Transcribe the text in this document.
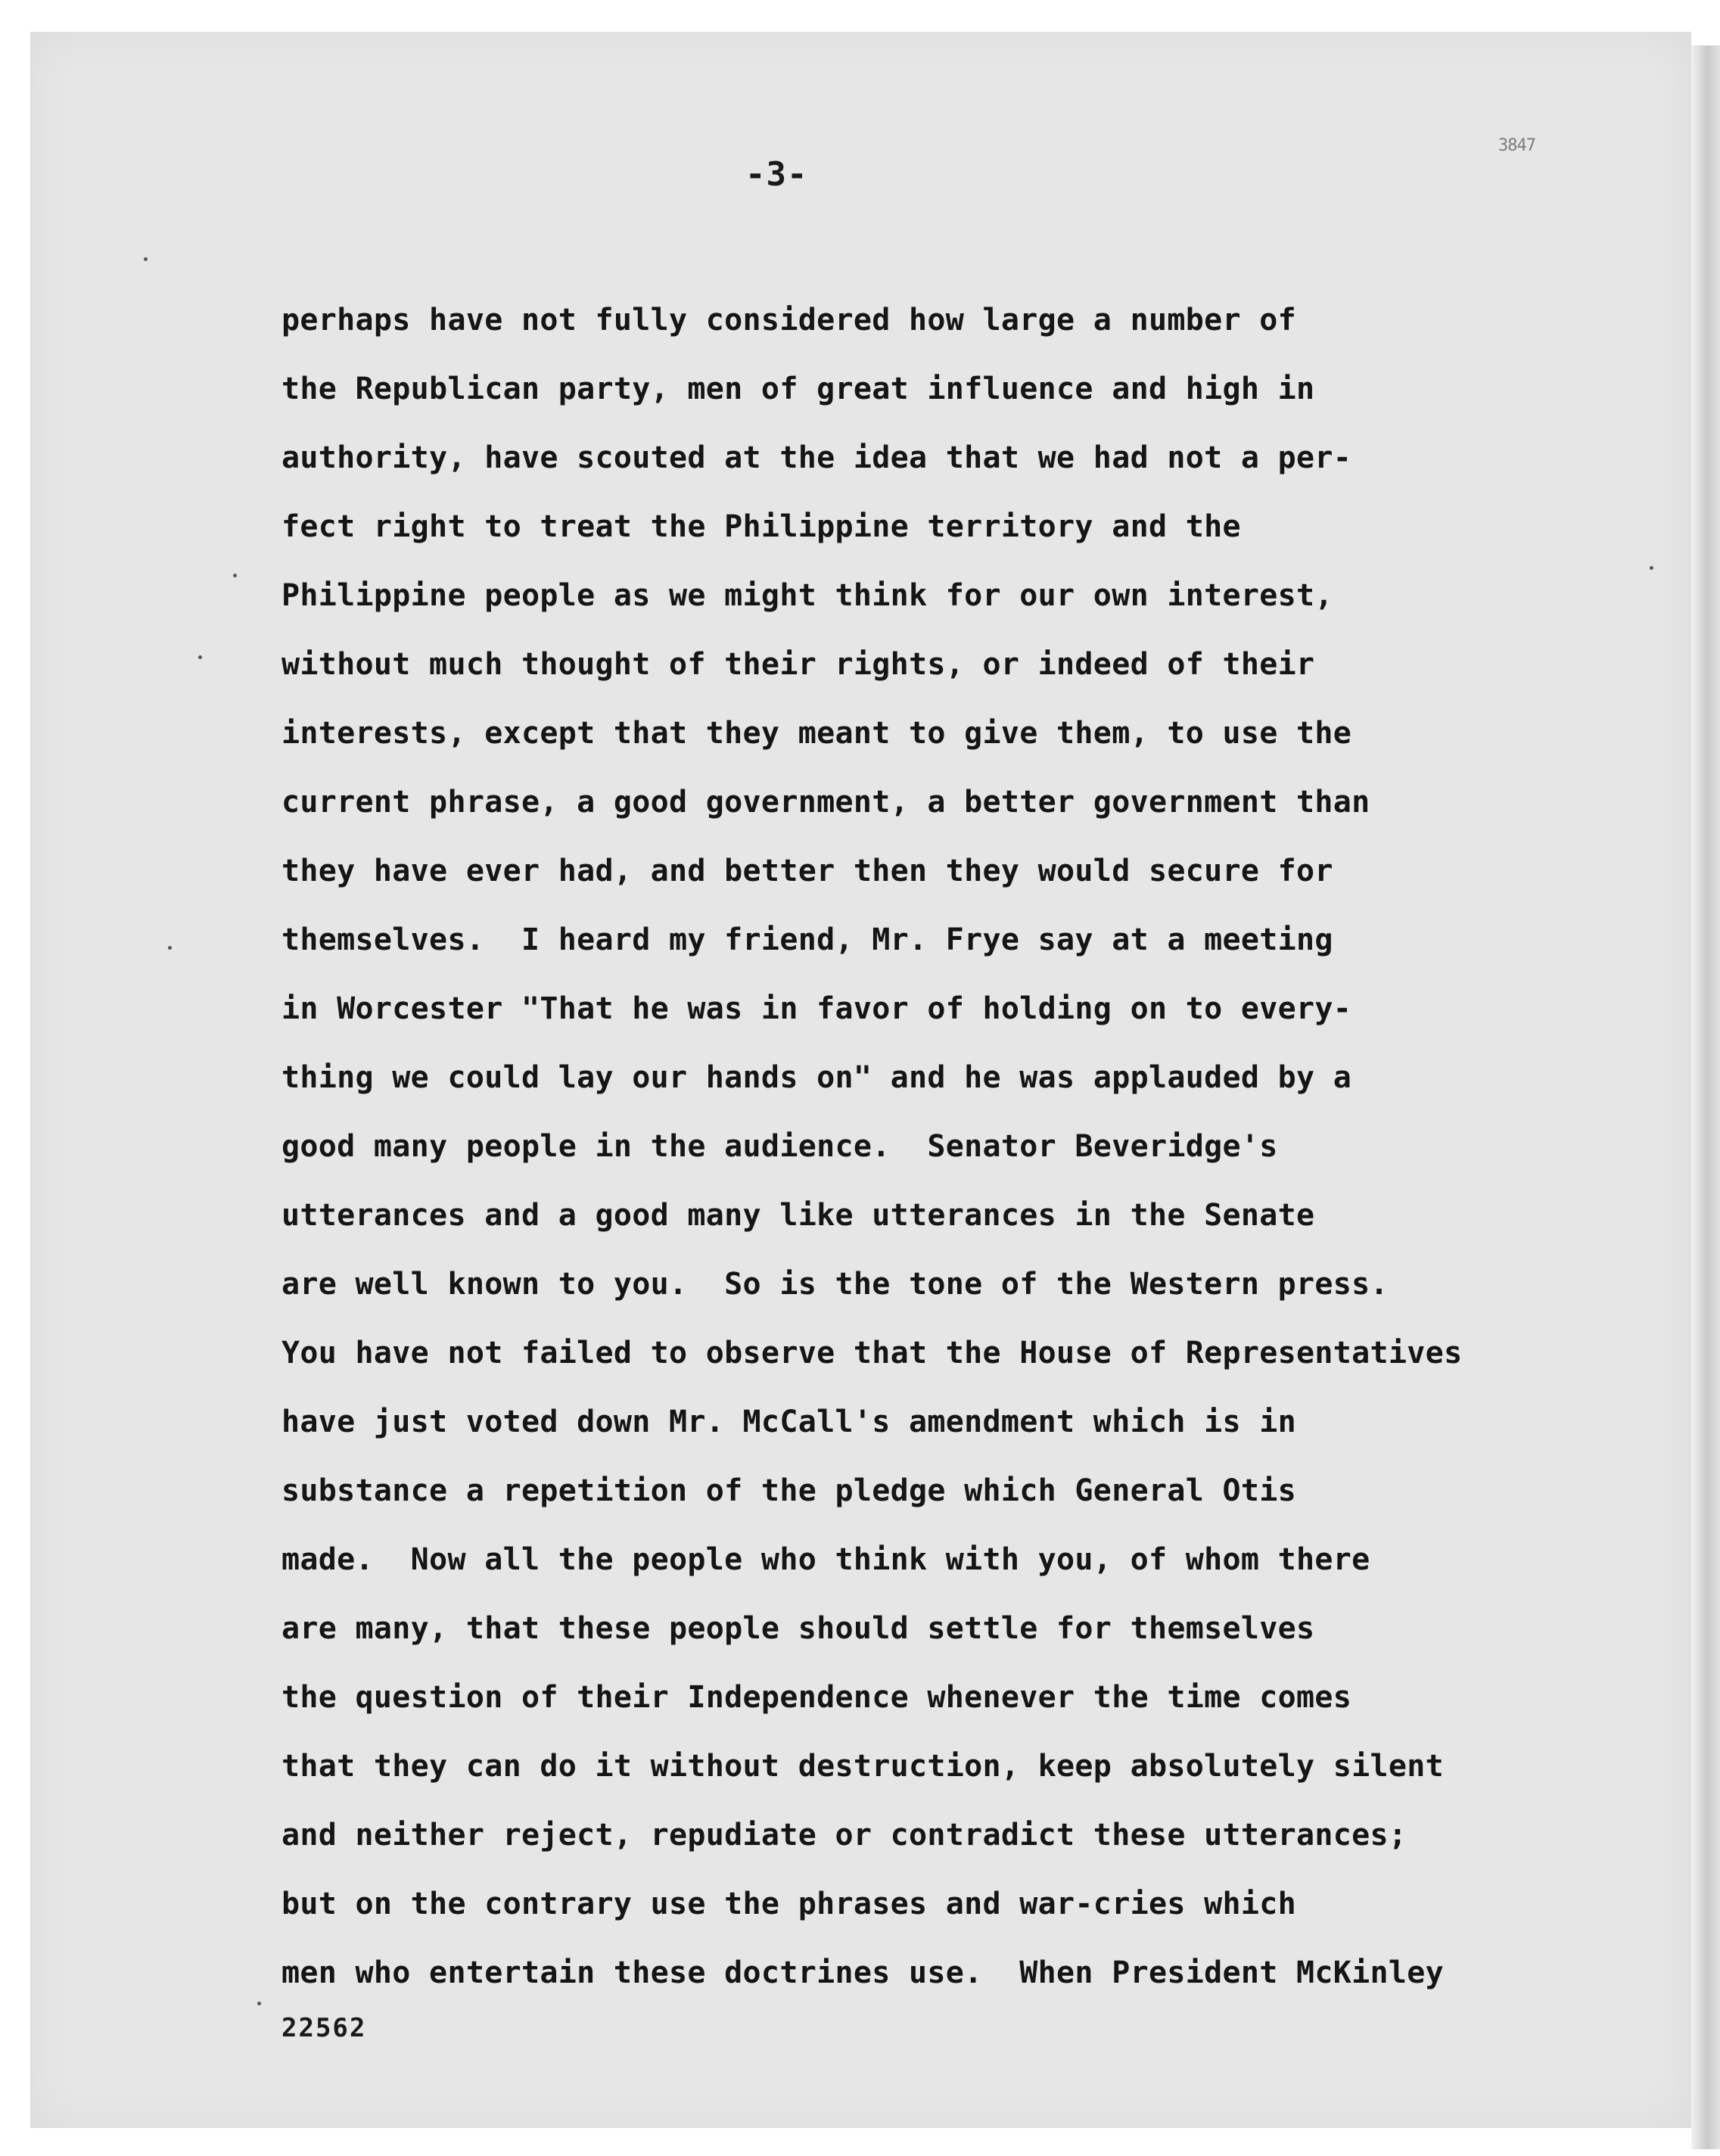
-3-
3847
perhaps have not fully considered how large a number of
the Republican party, men of great influence and high in
authority, have scouted at the idea that we had not a per-
fect right to treat the Philippine territory and the
Philippine people as we might think for our own interest,
without much thought of their rights, or indeed of their
interests, except that they meant to give them, to use the
current phrase, a good government, a better government than
they have ever had, and better then they would secure for
themselves.  I heard my friend, Mr. Frye say at a meeting
in Worcester "That he was in favor of holding on to every-
thing we could lay our hands on" and he was applauded by a
good many people in the audience.  Senator Beveridge's
utterances and a good many like utterances in the Senate
are well known to you.  So is the tone of the Western press.
You have not failed to observe that the House of Representatives
have just voted down Mr. McCall's amendment which is in
substance a repetition of the pledge which General Otis
made.  Now all the people who think with you, of whom there
are many, that these people should settle for themselves
the question of their Independence whenever the time comes
that they can do it without destruction, keep absolutely silent
and neither reject, repudiate or contradict these utterances;
but on the contrary use the phrases and war-cries which
men who entertain these doctrines use.  When President McKinley
22562
